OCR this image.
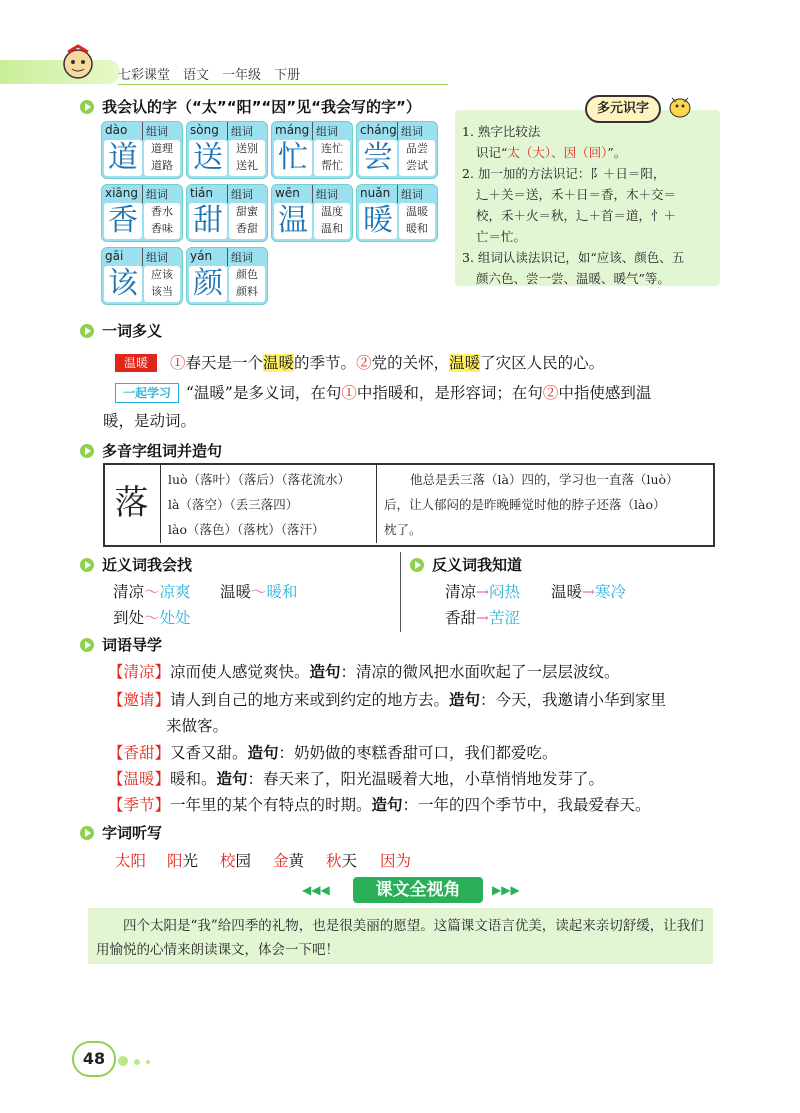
七彩课堂　语文　一年级　下册
我会认的字（“太”“阳”“因”见“我会写的字”）
dào 组词
道	道理
道路
sòng 组词
送	送别
送礼
máng 组词
忙	连忙
帮忙
cháng 组词
尝	品尝
尝试
xiāng 组词
香	香水
香味
tián 组词
甜	甜蜜
香甜
wēn 组词
温	温度
温和
nuǎn 组词
暖	温暖
暖和
gāi 组词
该	应该
该当
yán 组词
颜	颜色
颜料
多元识字
1. 熟字比较法
识记“太（大）、因（回）”。
2. 加一加的方法识记：阝＋日＝阳，
辶＋关＝送，禾＋日＝香，木＋交＝
校，禾＋火＝秋，辶＋首＝道，忄＋
亡＝忙。
3. 组词认读法识记，如“应该、颜色、五
颜六色、尝一尝、温暖、暖气”等。
一词多义
温暖	①春天是一个温暖的季节。②党的关怀，温暖了灾区人民的心。
一起学习 “温暖”是多义词，在句①中指暖和，是形容词；在句②中指使感到温
暖，是动词。
多音字组词并造句
落
luò（落叶）（落后）（落花流水）
là（落空）（丢三落四）
lào（落色）（落枕）（落汗）
他总是丢三落（là）四的，学习也一直落（luò）
后，让人郁闷的是昨晚睡觉时他的脖子还落（lào）
枕了。
近义词我会找	反义词我知道
清凉～凉爽 温暖～暖和
到处～处处
清凉→闷热 温暖→寒冷
香甜→苦涩
词语导学
【清凉】凉而使人感觉爽快。造句：清凉的微风把水面吹起了一层层波纹。
【邀请】请人到自己的地方来或到约定的地方去。造句：今天，我邀请小华到家里
来做客。
【香甜】又香又甜。造句：奶奶做的枣糕香甜可口，我们都爱吃。
【温暖】暖和。造句：春天来了，阳光温暖着大地，小草悄悄地发芽了。
【季节】一年里的某个有特点的时期。造句：一年的四个季节中，我最爱春天。
字词听写
太阳 阳光 校园 金黄 秋天 因为
◀◀◀	课文全视角	▶▶▶
四个太阳是“我”给四季的礼物，也是很美丽的愿望。这篇课文语言优美，读起来亲切舒缓，让我们用愉悦的心情来朗读课文，体会一下吧！
48
